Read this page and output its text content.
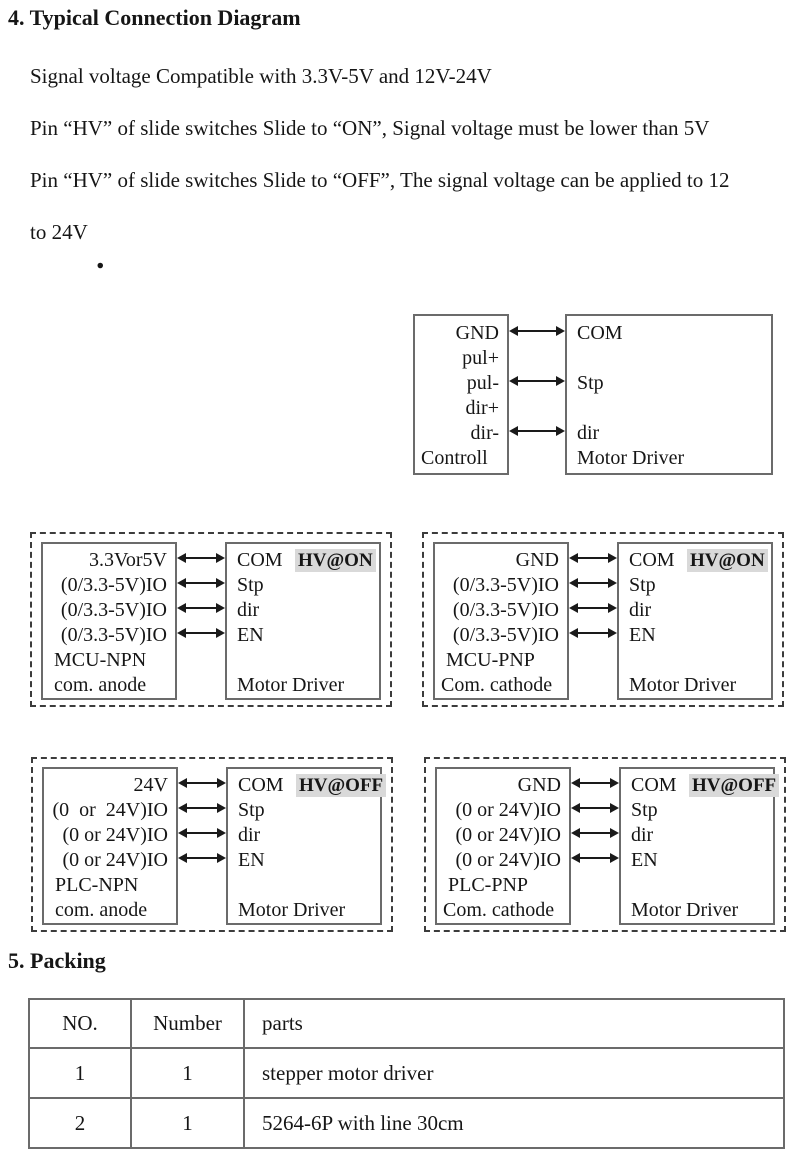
4. Typical Connection Diagram
Signal voltage Compatible with 3.3V-5V and 12V-24V
Pin “HV” of slide switches Slide to “ON”, Signal voltage must be lower than 5V
Pin “HV” of slide switches Slide to “OFF”, The signal voltage can be applied to 12
to 24V
.
GND
pul+
pul-
dir+
dir-
Controll
COM
Stp
dir
Motor Driver
3.3Vor5V
(0/3.3-5V)IO
(0/3.3-5V)IO
(0/3.3-5V)IO
MCU-NPN
com. anode
COM
Stp
dir
EN
Motor Driver
HV@ON	GND
(0/3.3-5V)IO
(0/3.3-5V)IO
(0/3.3-5V)IO
MCU-PNP
Com. cathode
COM
Stp
dir
EN
Motor Driver
HV@ON
24V
(0  or  24V)IO
(0 or 24V)IO
(0 or 24V)IO
PLC-NPN
com. anode
COM
Stp
dir
EN
Motor Driver
HV@OFF	GND
(0 or 24V)IO
(0 or 24V)IO
(0 or 24V)IO
PLC-PNP
Com. cathode
COM
Stp
dir
EN
Motor Driver
HV@OFF
5. Packing
NO.	Number	parts
1	1	stepper motor driver
2	1	5264-6P with line 30cm
